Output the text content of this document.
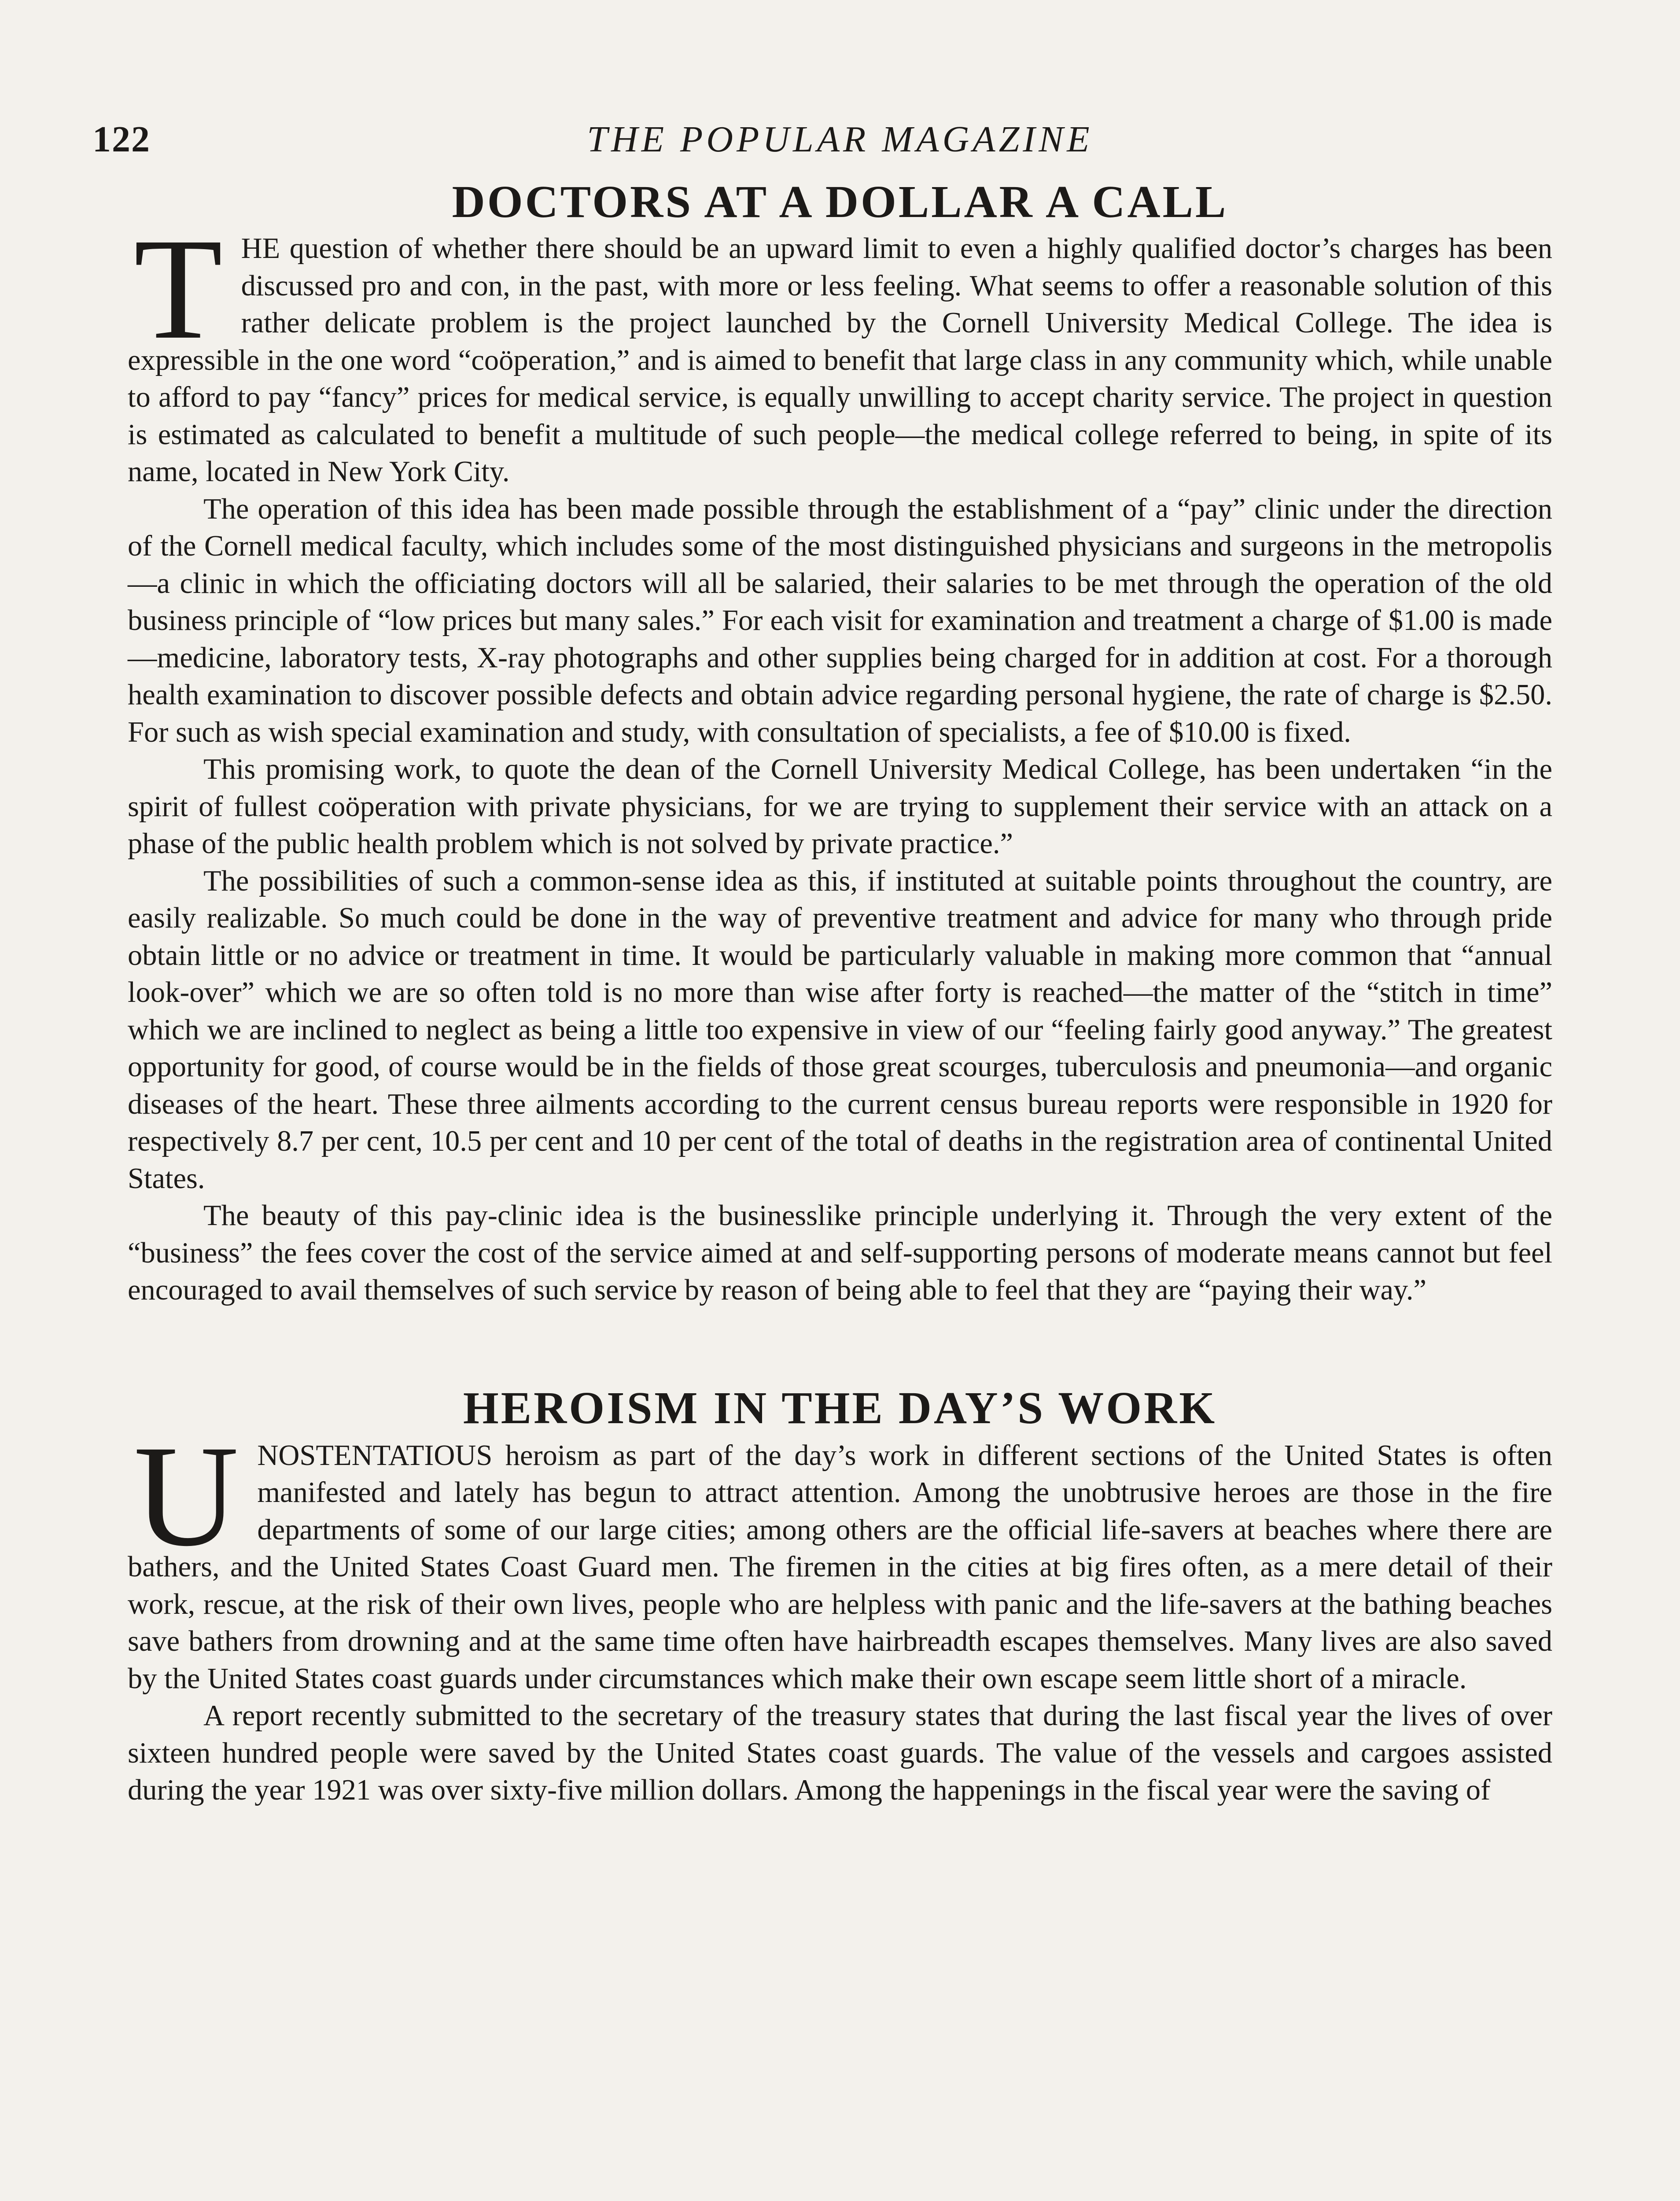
122	THE POPULAR MAGAZINE
DOCTORS AT A DOLLAR A CALL

THE question of whether there should be an upward limit to even a highly qualified doctor’s charges has been discussed pro and con, in the past, with more or less feeling. What seems to offer a reasonable solution of this rather delicate problem is the project launched by the Cornell University Medical College. The idea is expressible in the one word “coöperation,” and is aimed to benefit that large class in any community which, while unable to afford to pay “fancy” prices for medical service, is equally unwilling to accept charity service. The project in question is estimated as calculated to benefit a multitude of such people—the medical college referred to being, in spite of its name, located in New York City.

The operation of this idea has been made possible through the establishment of a “pay” clinic under the direction of the Cornell medical faculty, which includes some of the most distinguished physicians and surgeons in the metropolis—a clinic in which the officiating doctors will all be salaried, their salaries to be met through the operation of the old business principle of “low prices but many sales.” For each visit for examination and treatment a charge of $1.00 is made—medicine, laboratory tests, X-ray photographs and other supplies being charged for in addition at cost. For a thorough health examination to discover possible defects and obtain advice regarding personal hygiene, the rate of charge is $2.50. For such as wish special examination and study, with consultation of specialists, a fee of $10.00 is fixed.

This promising work, to quote the dean of the Cornell University Medical College, has been undertaken “in the spirit of fullest coöperation with private physicians, for we are trying to supplement their service with an attack on a phase of the public health problem which is not solved by private practice.”

The possibilities of such a common-sense idea as this, if instituted at suitable points throughout the country, are easily realizable. So much could be done in the way of preventive treatment and advice for many who through pride obtain little or no advice or treatment in time. It would be particularly valuable in making more common that “annual look-over” which we are so often told is no more than wise after forty is reached—the matter of the “stitch in time” which we are inclined to neglect as being a little too expensive in view of our “feeling fairly good anyway.” The greatest opportunity for good, of course would be in the fields of those great scourges, tuberculosis and pneumonia—and organic diseases of the heart. These three ailments according to the current census bureau reports were responsible in 1920 for respectively 8.7 per cent, 10.5 per cent and 10 per cent of the total of deaths in the registration area of continental United States.

The beauty of this pay-clinic idea is the businesslike principle underlying it. Through the very extent of the “business” the fees cover the cost of the service aimed at and self-supporting persons of moderate means cannot but feel encouraged to avail themselves of such service by reason of being able to feel that they are “paying their way.”

HEROISM IN THE DAY’S WORK

UNOSTENTATIOUS heroism as part of the day’s work in different sections of the United States is often manifested and lately has begun to attract attention. Among the unobtrusive heroes are those in the fire departments of some of our large cities; among others are the official life-savers at beaches where there are bathers, and the United States Coast Guard men. The firemen in the cities at big fires often, as a mere detail of their work, rescue, at the risk of their own lives, people who are helpless with panic and the life-savers at the bathing beaches save bathers from drowning and at the same time often have hairbreadth escapes themselves. Many lives are also saved by the United States coast guards under circumstances which make their own escape seem little short of a miracle.

A report recently submitted to the secretary of the treasury states that during the last fiscal year the lives of over sixteen hundred people were saved by the United States coast guards. The value of the vessels and cargoes assisted during the year 1921 was over sixty-five million dollars. Among the happenings in the fiscal year were the saving of
